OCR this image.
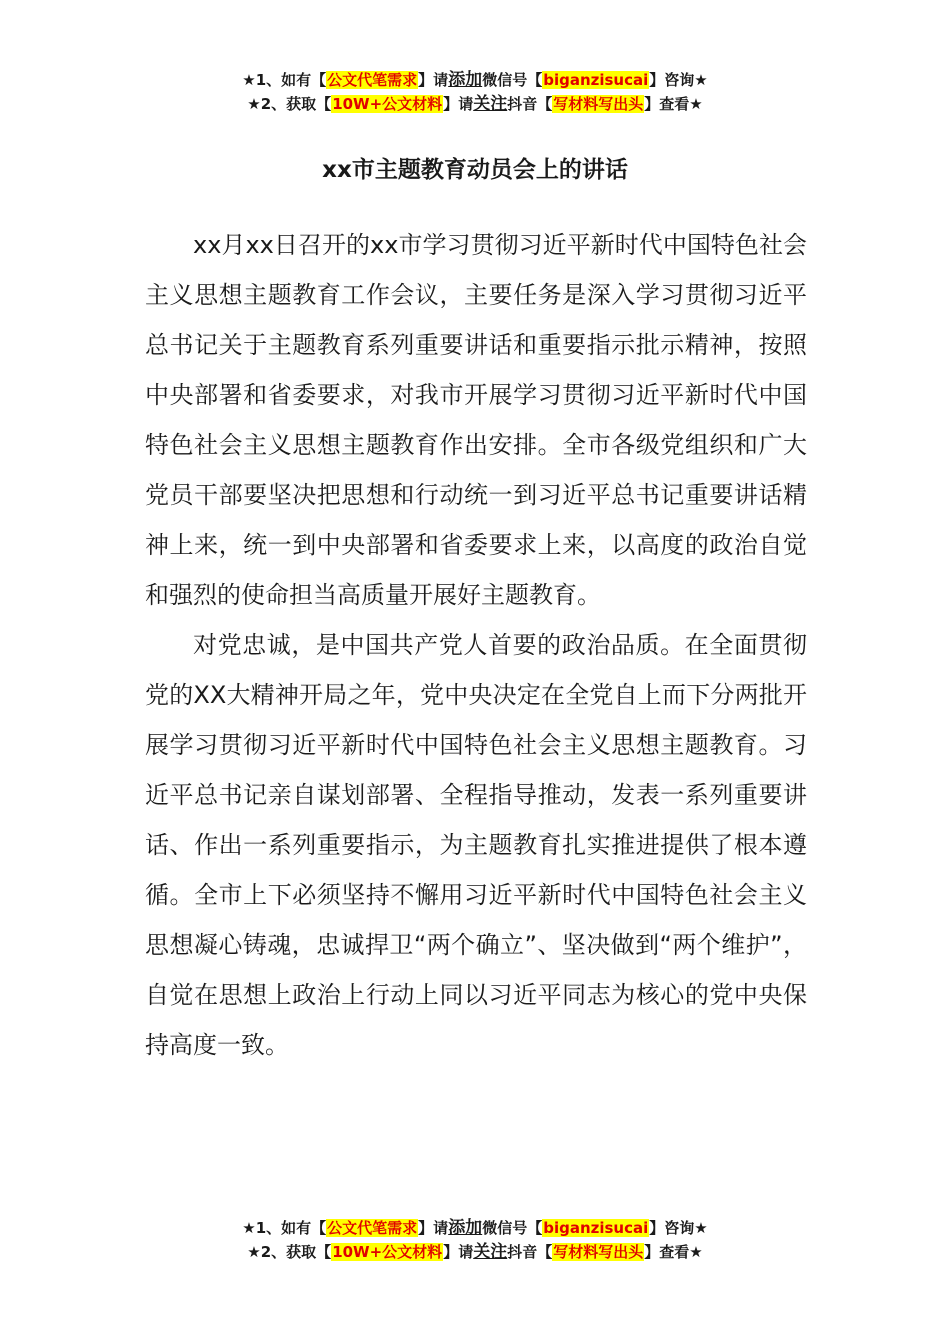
★1、如有【公文代笔需求】请添加微信号【biganzisucai】咨询★
★2、获取【10W+公文材料】请关注抖音【写材料写出头】查看★
xx市主题教育动员会上的讲话

xx月xx日召开的xx市学习贯彻习近平新时代中国特色社会主义思想主题教育工作会议，主要任务是深入学习贯彻习近平总书记关于主题教育系列重要讲话和重要指示批示精神，按照中央部署和省委要求，对我市开展学习贯彻习近平新时代中国特色社会主义思想主题教育作出安排。全市各级党组织和广大党员干部要坚决把思想和行动统一到习近平总书记重要讲话精神上来，统一到中央部署和省委要求上来，以高度的政治自觉和强烈的使命担当高质量开展好主题教育。

对党忠诚，是中国共产党人首要的政治品质。在全面贯彻党的XX大精神开局之年，党中央决定在全党自上而下分两批开展学习贯彻习近平新时代中国特色社会主义思想主题教育。习近平总书记亲自谋划部署、全程指导推动，发表一系列重要讲话、作出一系列重要指示，为主题教育扎实推进提供了根本遵循。全市上下必须坚持不懈用习近平新时代中国特色社会主义思想凝心铸魂，忠诚捍卫“两个确立”、坚决做到“两个维护”，自觉在思想上政治上行动上同以习近平同志为核心的党中央保持高度一致。

★1、如有【公文代笔需求】请添加微信号【biganzisucai】咨询★
★2、获取【10W+公文材料】请关注抖音【写材料写出头】查看★
